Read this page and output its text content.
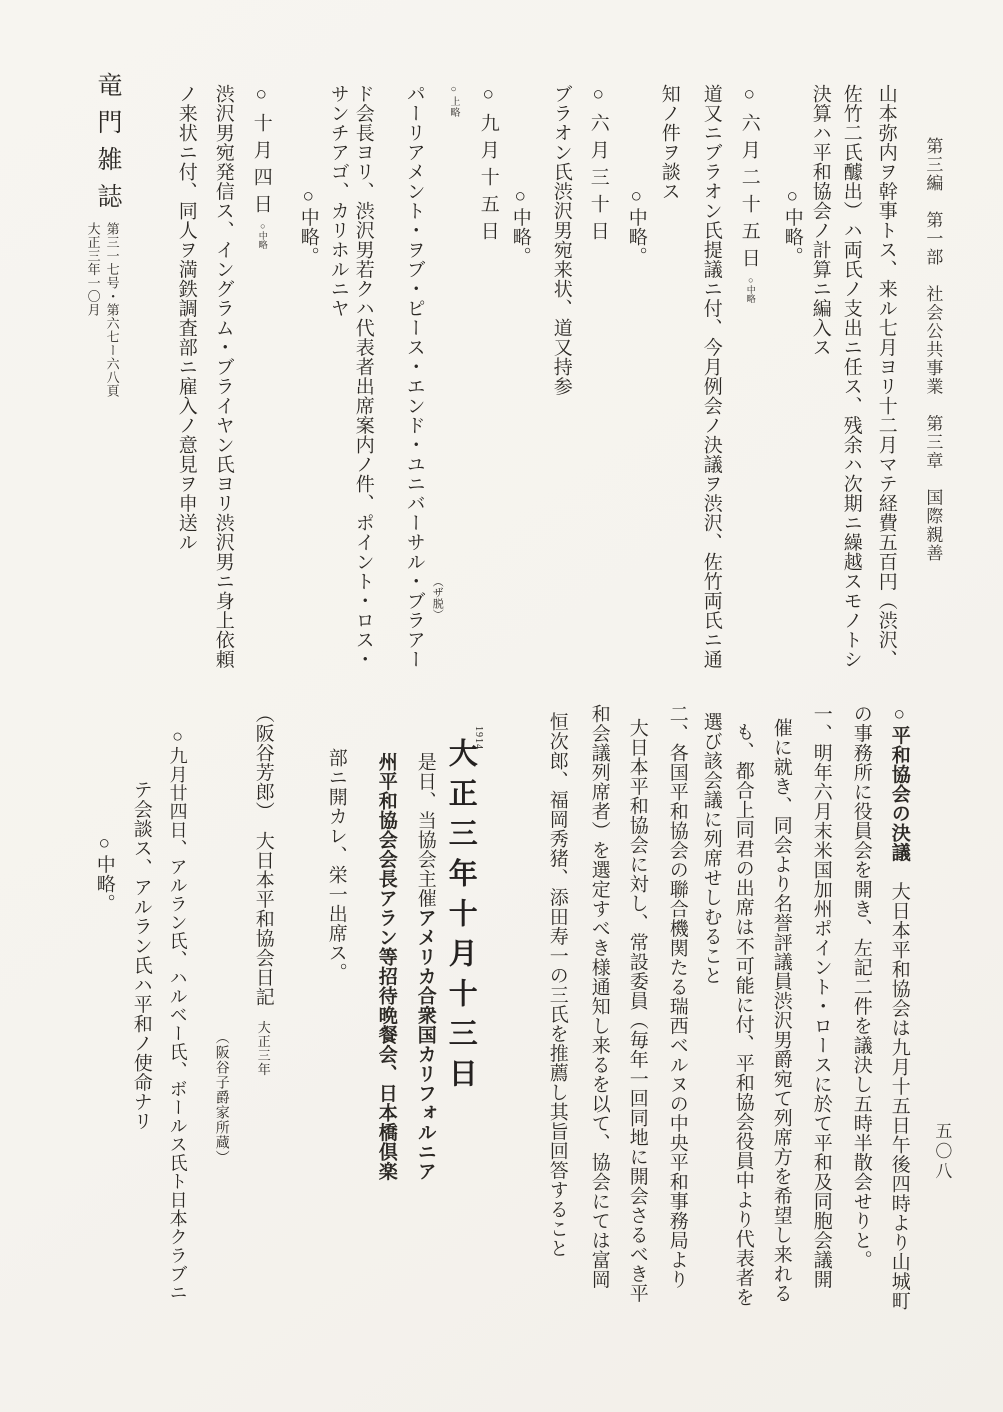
第三編　第一部　社会公共事業　第三章　国際親善
五〇八
山本弥内ヲ幹事トス、来ル七月ヨリ十二月マテ経費五百円（渋沢、
佐竹二氏醵出）ハ両氏ノ支出ニ任ス、残余ハ次期ニ繰越スモノトシ
決算ハ平和協会ノ計算ニ編入ス
○中略。
○六月二十五日○中略
道又ニブラオン氏提議ニ付、今月例会ノ決議ヲ渋沢、佐竹両氏ニ通
知ノ件ヲ談ス
○中略。
○六月三十日
ブラオン氏渋沢男宛来状、道又持参
○中略。
○九月十五日
○上略
パーリアメント・ヲブ・ピース・エンド・ユニバーサル・ブラアー （ザ脱）
ド会長ヨリ、渋沢男若クハ代表者出席案内ノ件、ポイント・ロス・
サンチアゴ、カリホルニヤ
○中略。
○十月四日○中略
渋沢男宛発信ス、イングラム・ブライヤン氏ヨリ渋沢男ニ身上依頼
ノ来状ニ付、同人ヲ満鉄調査部ニ雇入ノ意見ヲ申送ル
竜門雑誌
第三一七号・第六七ー六八頁
大正三年一〇月
○平和協会の決議　大日本平和協会は九月十五日午後四時より山城町
の事務所に役員会を開き、左記二件を議決し五時半散会せりと。
一、明年六月末米国加州ポイント・ロースに於て平和及同胞会議開
催に就き、同会より名誉評議員渋沢男爵宛て列席方を希望し来れる
も、都合上同君の出席は不可能に付、平和協会役員中より代表者を
選び該会議に列席せしむること
二、各国平和協会の聯合機関たる瑞西ベルヌの中央平和事務局より
大日本平和協会に対し、常設委員（毎年一回同地に開会さるべき平
和会議列席者）を選定すべき様通知し来るを以て、協会にては富岡
恒次郎、福岡秀猪、添田寿一の三氏を推薦し其旨回答すること
1914
大正三年十月十三日
是日、当協会主催アメリカ合衆国カリフォルニア
州平和協会会長アラン等招待晩餐会、日本橋倶楽
部ニ開カレ、栄一出席ス。
（阪谷芳郎）　大日本平和協会日記　大正三年
（阪谷子爵家所蔵）
○九月廿四日、アルラン氏、ハルベー氏、ボールス氏ト日本クラブニ
テ会談ス、アルラン氏ハ平和ノ使命ナリ
○中略。
